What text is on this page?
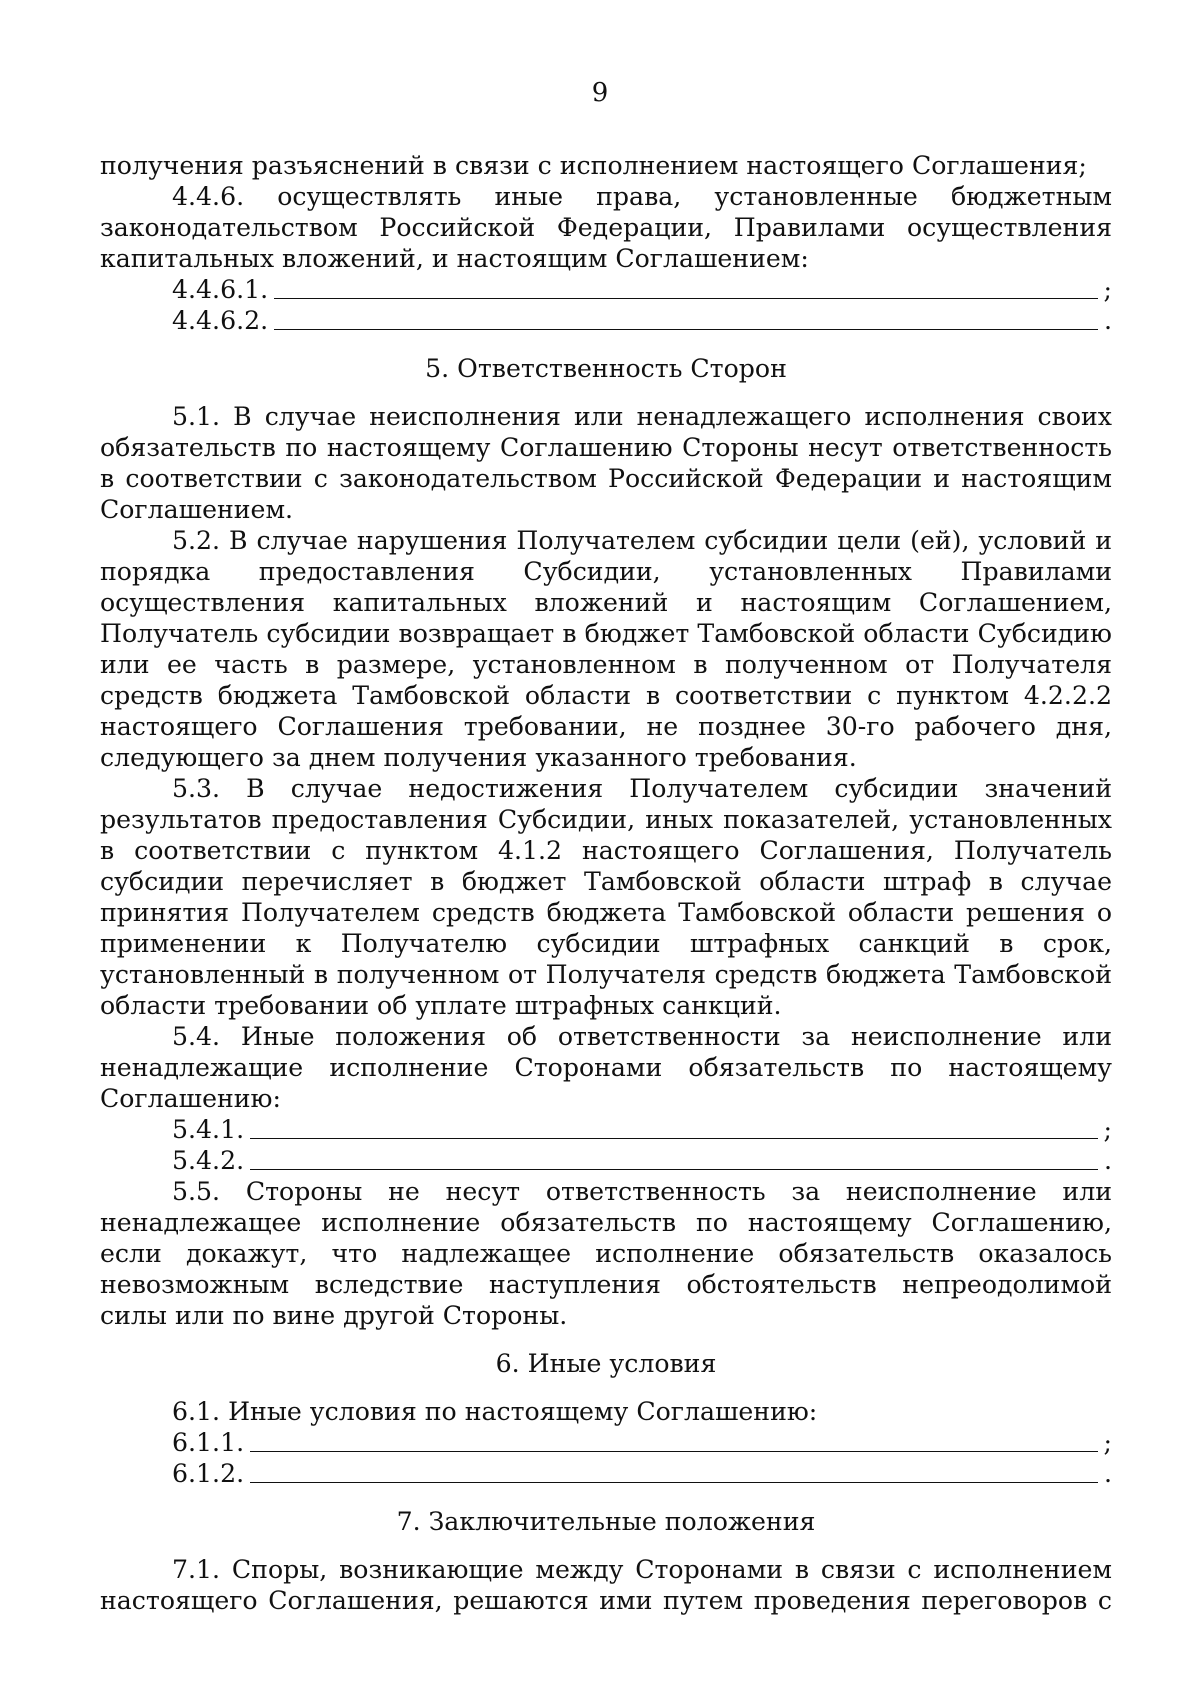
9

получения разъяснений в связи с исполнением настоящего Соглашения;

4.4.6. осуществлять иные права, установленные бюджетным законодательством Российской Федерации, Правилами осуществления капитальных вложений, и настоящим Соглашением:

4.4.6.1.	;
4.4.6.2.	.

5. Ответственность Сторон

5.1. В случае неисполнения или ненадлежащего исполнения своих обязательств по настоящему Соглашению Стороны несут ответственность в соответствии с законодательством Российской Федерации и настоящим Соглашением.

5.2. В случае нарушения Получателем субсидии цели (ей), условий и порядка предоставления Субсидии, установленных Правилами осуществления капитальных вложений и настоящим Соглашением, Получатель субсидии возвращает в бюджет Тамбовской области Субсидию или ее часть в размере, установленном в полученном от Получателя средств бюджета Тамбовской области в соответствии с пунктом 4.2.2.2 настоящего Соглашения требовании, не позднее 30-го рабочего дня, следующего за днем получения указанного требования.

5.3. В случае недостижения Получателем субсидии значений результатов предоставления Субсидии, иных показателей, установленных в соответствии с пунктом 4.1.2 настоящего Соглашения, Получатель субсидии перечисляет в бюджет Тамбовской области штраф в случае принятия Получателем средств бюджета Тамбовской области решения о применении к Получателю субсидии штрафных санкций в срок, установленный в полученном от Получателя средств бюджета Тамбовской области требовании об уплате штрафных санкций.

5.4. Иные положения об ответственности за неисполнение или ненадлежащие исполнение Сторонами обязательств по настоящему Соглашению:

5.4.1.	;
5.4.2.	.

5.5. Стороны не несут ответственность за неисполнение или ненадлежащее исполнение обязательств по настоящему Соглашению, если докажут, что надлежащее исполнение обязательств оказалось невозможным вследствие наступления обстоятельств непреодолимой силы или по вине другой Стороны.

6. Иные условия

6.1. Иные условия по настоящему Соглашению:

6.1.1.	;
6.1.2.	.

7. Заключительные положения

7.1. Споры, возникающие между Сторонами в связи с исполнением настоящего Соглашения, решаются ими путем проведения переговоров с
